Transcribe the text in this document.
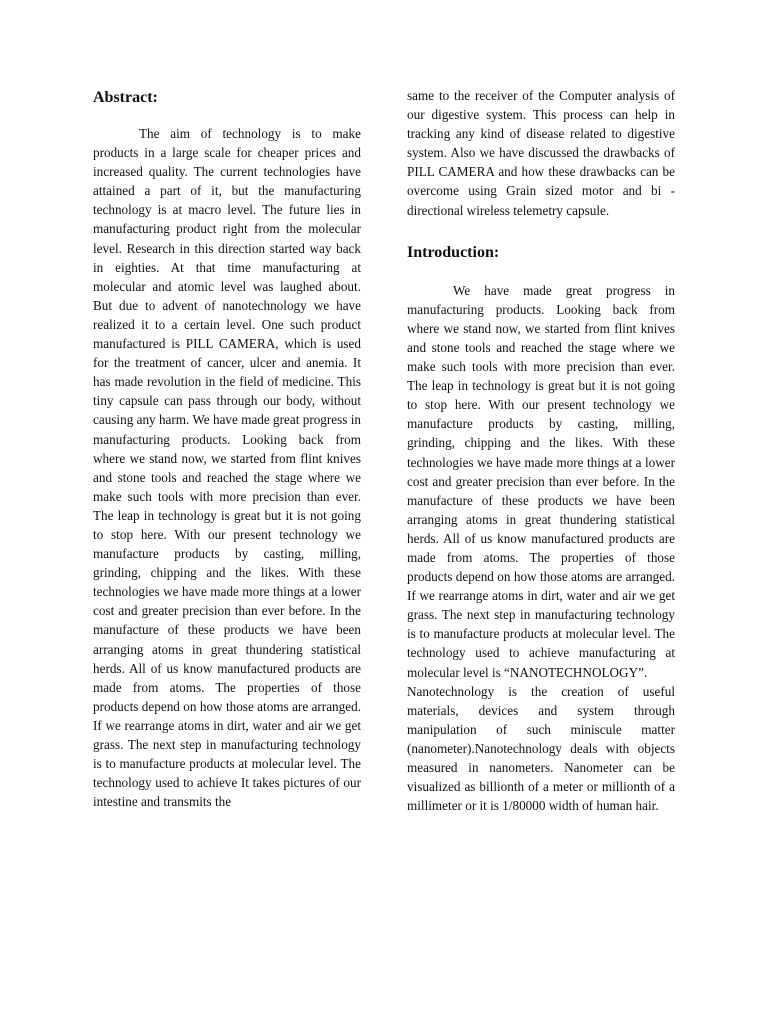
Abstract:

The aim of technology is to make products in a large scale for cheaper prices and increased quality. The current technologies have attained a part of it, but the manufacturing technology is at macro level. The future lies in manufacturing product right from the molecular level. Research in this direction started way back in eighties. At that time manufacturing at molecular and atomic level was laughed about. But due to advent of nanotechnology we have realized it to a certain level. One such product manufactured is PILL CAMERA, which is used for the treatment of cancer, ulcer and anemia. It has made revolution in the field of medicine. This tiny capsule can pass through our body, without causing any harm. We have made great progress in manufacturing products. Looking back from where we stand now, we started from flint knives and stone tools and reached the stage where we make such tools with more precision than ever. The leap in technology is great but it is not going to stop here. With our present technology we manufacture products by casting, milling, grinding, chipping and the likes. With these technologies we have made more things at a lower cost and greater precision than ever before. In the manufacture of these products we have been arranging atoms in great thundering statistical herds. All of us know manufactured products are made from atoms. The properties of those products depend on how those atoms are arranged. If we rearrange atoms in dirt, water and air we get grass. The next step in manufacturing technology is to manufacture products at molecular level. The technology used to achieve It takes pictures of our intestine and transmits the

same to the receiver of the Computer analysis of our digestive system. This process can help in tracking any kind of disease related to digestive system. Also we have discussed the drawbacks of PILL CAMERA and how these drawbacks can be overcome using Grain sized motor and bi -directional wireless telemetry capsule.

Introduction:

We have made great progress in manufacturing products. Looking back from where we stand now, we started from flint knives and stone tools and reached the stage where we make such tools with more precision than ever. The leap in technology is great but it is not going to stop here. With our present technology we manufacture products by casting, milling, grinding, chipping and the likes. With these technologies we have made more things at a lower cost and greater precision than ever before. In the manufacture of these products we have been arranging atoms in great thundering statistical herds. All of us know manufactured products are made from atoms. The properties of those products depend on how those atoms are arranged. If we rearrange atoms in dirt, water and air we get grass. The next step in manufacturing technology is to manufacture products at molecular level. The technology used to achieve manufacturing at molecular level is “NANOTECHNOLOGY”.

Nanotechnology is the creation of useful materials, devices and system through manipulation of such miniscule matter (nanometer).Nanotechnology deals with objects measured in nanometers. Nanometer can be visualized as billionth of a meter or millionth of a millimeter or it is 1/80000 width of human hair.
